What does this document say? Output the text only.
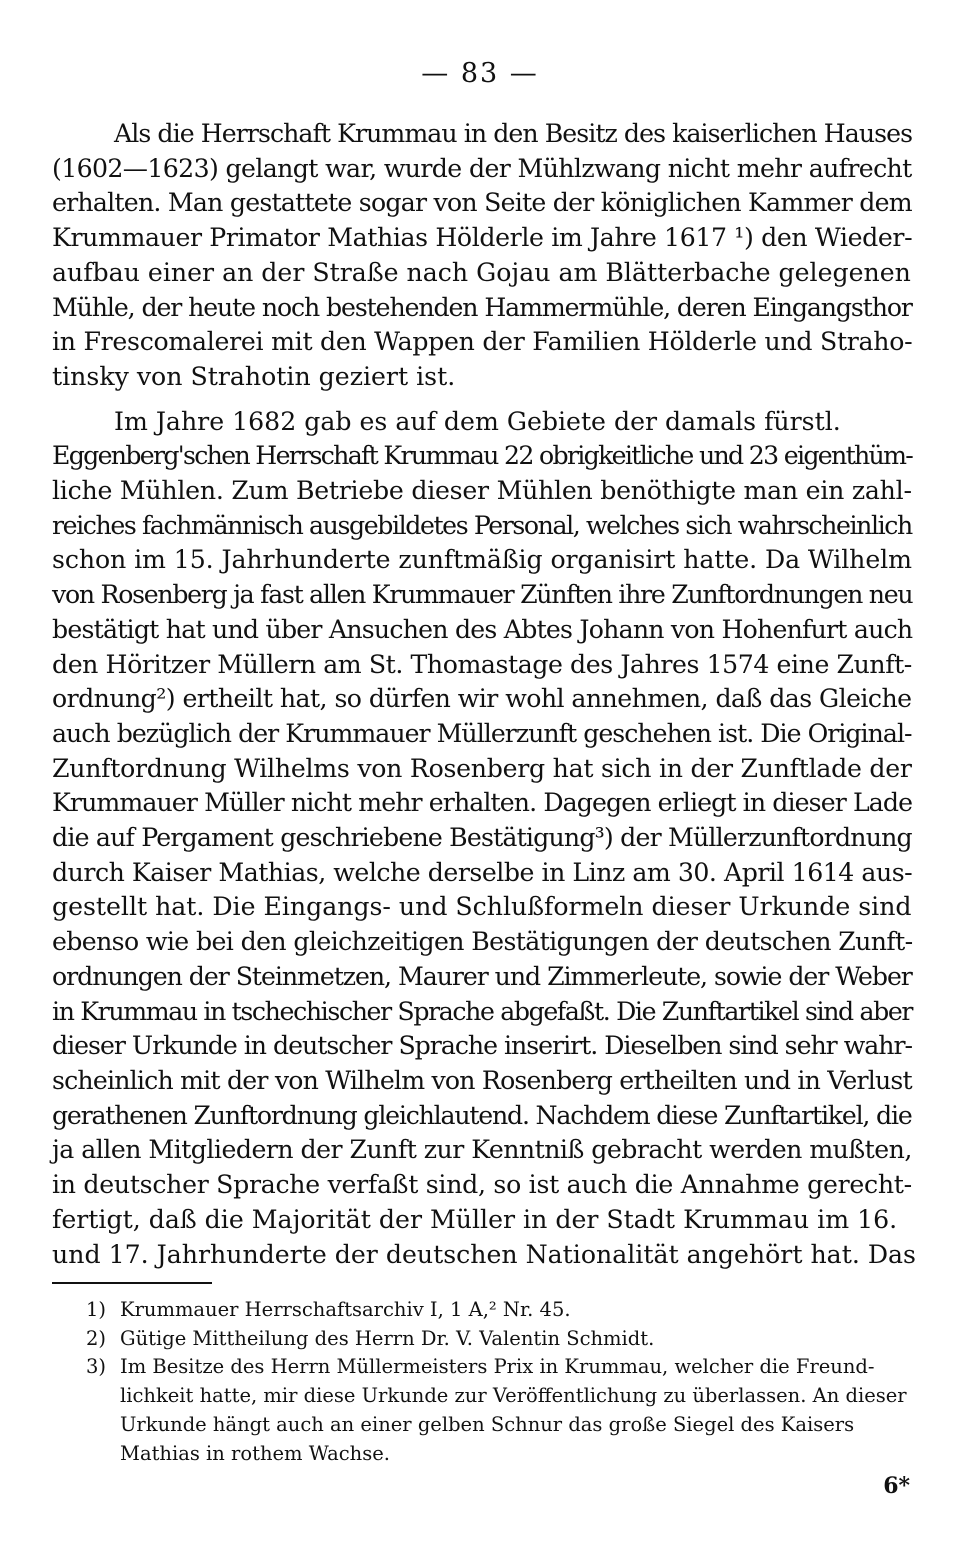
— 83 —

Als die Herrschaft Krummau in den Besitz des kaiserlichen Hauses
(1602—1623) gelangt war, wurde der Mühlzwang nicht mehr aufrecht
erhalten. Man gestattete sogar von Seite der königlichen Kammer dem
Krummauer Primator Mathias Hölderle im Jahre 1617 ¹) den Wieder-
aufbau einer an der Straße nach Gojau am Blätterbache gelegenen
Mühle, der heute noch bestehenden Hammermühle, deren Eingangsthor
in Frescomalerei mit den Wappen der Familien Hölderle und Straho-
tinsky von Strahotin geziert ist.

Im Jahre 1682 gab es auf dem Gebiete der damals fürstl.
Eggenberg'schen Herrschaft Krummau 22 obrigkeitliche und 23 eigenthüm-
liche Mühlen. Zum Betriebe dieser Mühlen benöthigte man ein zahl-
reiches fachmännisch ausgebildetes Personal, welches sich wahrscheinlich
schon im 15. Jahrhunderte zunftmäßig organisirt hatte. Da Wilhelm
von Rosenberg ja fast allen Krummauer Zünften ihre Zunftordnungen neu
bestätigt hat und über Ansuchen des Abtes Johann von Hohenfurt auch
den Höritzer Müllern am St. Thomastage des Jahres 1574 eine Zunft-
ordnung²) ertheilt hat, so dürfen wir wohl annehmen, daß das Gleiche
auch bezüglich der Krummauer Müllerzunft geschehen ist. Die Original-
Zunftordnung Wilhelms von Rosenberg hat sich in der Zunftlade der
Krummauer Müller nicht mehr erhalten. Dagegen erliegt in dieser Lade
die auf Pergament geschriebene Bestätigung³) der Müllerzunftordnung
durch Kaiser Mathias, welche derselbe in Linz am 30. April 1614 aus-
gestellt hat. Die Eingangs- und Schlußformeln dieser Urkunde sind
ebenso wie bei den gleichzeitigen Bestätigungen der deutschen Zunft-
ordnungen der Steinmetzen, Maurer und Zimmerleute, sowie der Weber
in Krummau in tschechischer Sprache abgefaßt. Die Zunftartikel sind aber
dieser Urkunde in deutscher Sprache inserirt. Dieselben sind sehr wahr-
scheinlich mit der von Wilhelm von Rosenberg ertheilten und in Verlust
gerathenen Zunftordnung gleichlautend. Nachdem diese Zunftartikel, die
ja allen Mitgliedern der Zunft zur Kenntniß gebracht werden mußten,
in deutscher Sprache verfaßt sind, so ist auch die Annahme gerecht-
fertigt, daß die Majorität der Müller in der Stadt Krummau im 16.
und 17. Jahrhunderte der deutschen Nationalität angehört hat. Das

1) Krummauer Herrschaftsarchiv I, 1 A,² Nr. 45.

2) Gütige Mittheilung des Herrn Dr. V. Valentin Schmidt.

3) Im Besitze des Herrn Müllermeisters Prix in Krummau, welcher die Freund-
lichkeit hatte, mir diese Urkunde zur Veröffentlichung zu überlassen. An dieser
Urkunde hängt auch an einer gelben Schnur das große Siegel des Kaisers
Mathias in rothem Wachse.

6*
